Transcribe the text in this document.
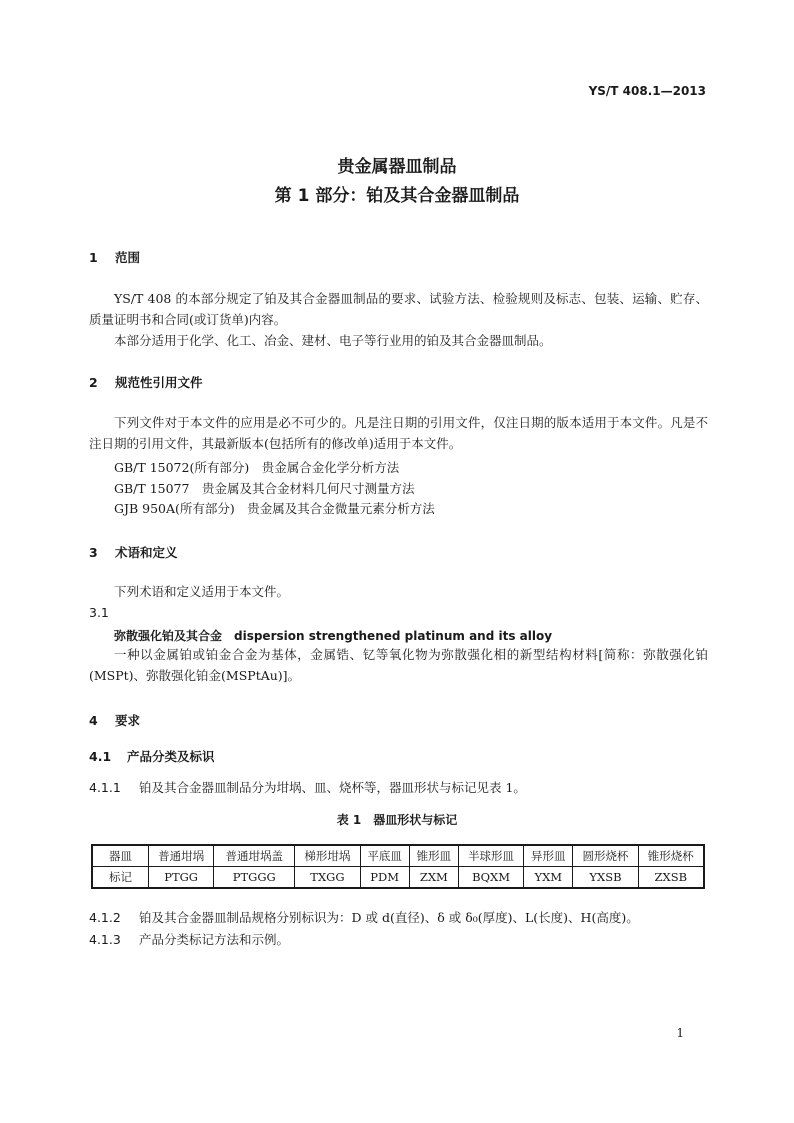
YS/T 408.1—2013
贵金属器皿制品
第 1 部分：铂及其合金器皿制品
1 范围
YS/T 408 的本部分规定了铂及其合金器皿制品的要求、试验方法、检验规则及标志、包装、运输、贮存、质量证明书和合同(或订货单)内容。
本部分适用于化学、化工、冶金、建材、电子等行业用的铂及其合金器皿制品。
2 规范性引用文件
下列文件对于本文件的应用是必不可少的。凡是注日期的引用文件，仅注日期的版本适用于本文件。凡是不注日期的引用文件，其最新版本(包括所有的修改单)适用于本文件。
GB/T 15072(所有部分)　贵金属合金化学分析方法
GB/T 15077　贵金属及其合金材料几何尺寸测量方法
GJB 950A(所有部分)　贵金属及其合金微量元素分析方法
3 术语和定义
下列术语和定义适用于本文件。
3.1
弥散强化铂及其合金　dispersion strengthened platinum and its alloy
一种以金属铂或铂金合金为基体，金属锆、钇等氧化物为弥散强化相的新型结构材料[简称：弥散强化铂(MSPt)、弥散强化铂金(MSPtAu)]。
4 要求
4.1 产品分类及标识
4.1.1 铂及其合金器皿制品分为坩埚、皿、烧杯等，器皿形状与标记见表 1。
表 1　器皿形状与标记
器皿	普通坩埚	普通坩埚盖	梯形坩埚	平底皿	锥形皿	半球形皿	异形皿	圆形烧杯	锥形烧杯
标记	PTGG	PTGGG	TXGG	PDM	ZXM	BQXM	YXM	YXSB	ZXSB
4.1.2 铂及其合金器皿制品规格分别标识为：D 或 d(直径)、δ 或 δ₀(厚度)、L(长度)、H(高度)。
4.1.3 产品分类标记方法和示例。
1
